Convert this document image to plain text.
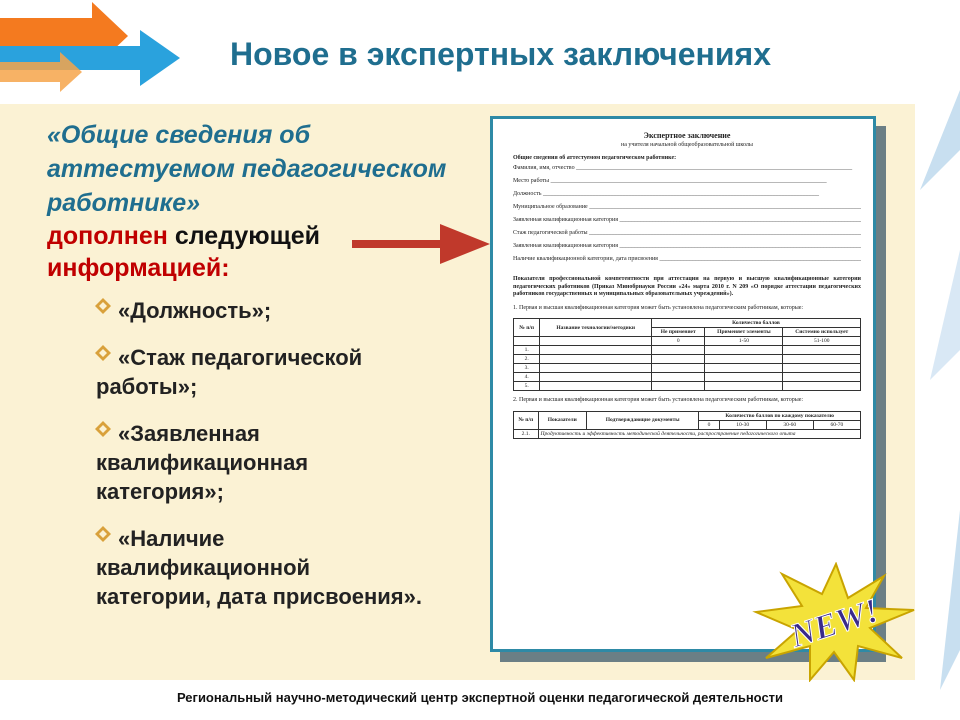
Новое в экспертных заключениях
«Общие сведения об аттестуемом педагогическом работнике»
дополнен следующей
информацией:
«Должность»;
«Стаж педагогической работы»;
«Заявленная квалификационная категория»;
«Наличие квалификационной категории, дата присвоения».
Экспертное заключение
на учителя начальной общеобразовательной школы
Общие сведения об аттестуемом педагогическом работнике:
Фамилия, имя, отчество _____
Место работы _____
Должность _____
Муниципальное образование _____
Заявленная квалификационная категория _____
Стаж педагогической работы _____
Заявленная квалификационная категория _____
Наличие квалификационной категории, дата присвоения _____
Показатели профессиональной компетентности при аттестации на первую и высшую квалификационные категории педагогических работников (Приказ Минобрнауки России «24» марта 2010 г. N 209 «О порядке аттестации педагогических работников государственных и муниципальных образовательных учреждений»).
1. Первая и высшая квалификационная категория может быть установлена педагогическим работникам, которые:
№ п/п	Название технологии/методики	Количество баллов		
		Не применяет	Применяет элементы	Системно использует
		0	1-50	51-100
1.				
2.				
3.				
4.				
5.				
2. Первая и высшая квалификационная категория может быть установлена педагогическим работникам, которые:
№ п/п	Показатели	Подтверждающие документы	Количество баллов по каждому показателю			
			0	10-30	30-60	60-70
2.1.	Продуктивность и эффективность методической деятельности, распространение педагогического опыта					
NEW!
Региональный научно-методический центр экспертной оценки педагогической деятельности
